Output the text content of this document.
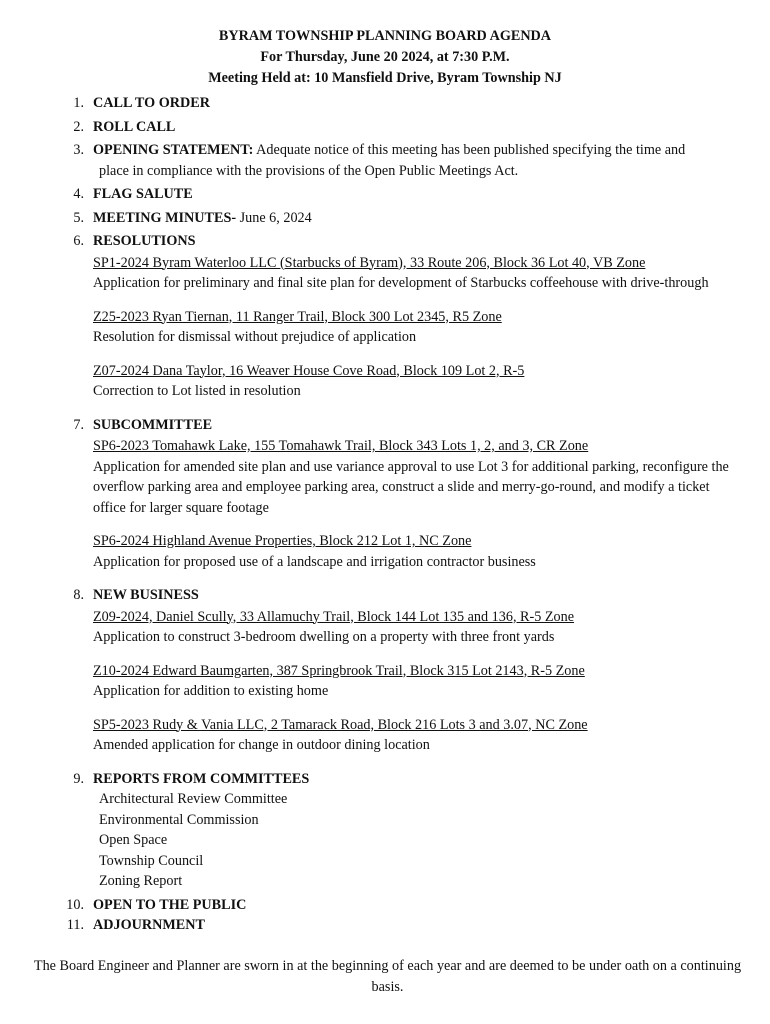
BYRAM TOWNSHIP PLANNING BOARD AGENDA
For Thursday, June 20 2024, at 7:30 P.M.
Meeting Held at: 10 Mansfield Drive, Byram Township NJ
1. CALL TO ORDER
2. ROLL CALL
3. OPENING STATEMENT: Adequate notice of this meeting has been published specifying the time and
place in compliance with the provisions of the Open Public Meetings Act.
4. FLAG SALUTE
5. MEETING MINUTES- June 6, 2024
6. RESOLUTIONS
SP1-2024 Byram Waterloo LLC (Starbucks of Byram), 33 Route 206, Block 36 Lot 40, VB Zone
Application for preliminary and final site plan for development of Starbucks coffeehouse with drive-through
Z25-2023 Ryan Tiernan, 11 Ranger Trail, Block 300 Lot 2345, R5 Zone
Resolution for dismissal without prejudice of application
Z07-2024 Dana Taylor, 16 Weaver House Cove Road, Block 109 Lot 2, R-5
Correction to Lot listed in resolution
7. SUBCOMMITTEE
SP6-2023 Tomahawk Lake, 155 Tomahawk Trail, Block 343 Lots 1, 2, and 3, CR Zone
Application for amended site plan and use variance approval to use Lot 3 for additional parking, reconfigure the overflow parking area and employee parking area, construct a slide and merry-go-round, and modify a ticket office for larger square footage
SP6-2024 Highland Avenue Properties, Block 212 Lot 1, NC Zone
Application for proposed use of a landscape and irrigation contractor business
8. NEW BUSINESS
Z09-2024, Daniel Scully, 33 Allamuchy Trail, Block 144 Lot 135 and 136, R-5 Zone
Application to construct 3-bedroom dwelling on a property with three front yards
Z10-2024 Edward Baumgarten, 387 Springbrook Trail, Block 315 Lot 2143, R-5 Zone
Application for addition to existing home
SP5-2023 Rudy & Vania LLC, 2 Tamarack Road, Block 216 Lots 3 and 3.07, NC Zone
Amended application for change in outdoor dining location
9. REPORTS FROM COMMITTEES
Architectural Review Committee
Environmental Commission
Open Space
Township Council
Zoning Report
10. OPEN TO THE PUBLIC
11. ADJOURNMENT
The Board Engineer and Planner are sworn in at the beginning of each year and are deemed to be under oath on a continuing basis.
